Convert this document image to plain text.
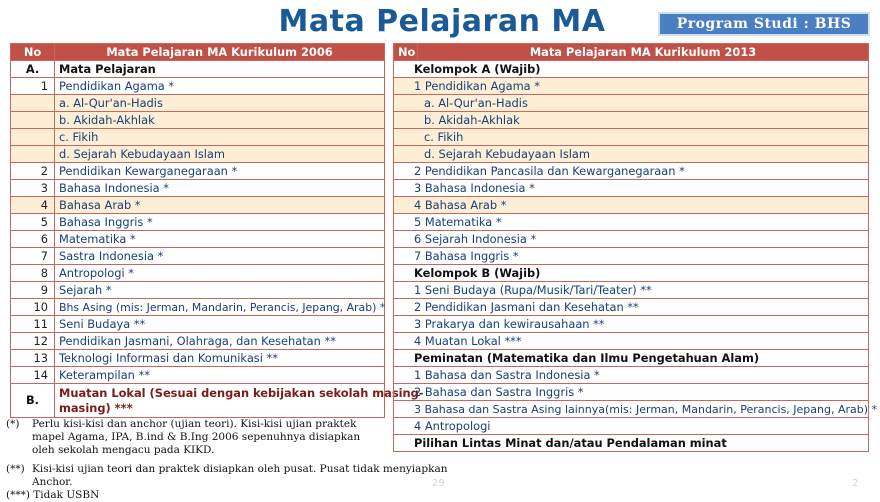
Mata Pelajaran MA	Program Studi : BHS
No	Mata Pelajaran MA Kurikulum 2006
A.	Mata Pelajaran
1	Pendidikan Agama *
	a. Al-Qur'an-Hadis
	b. Akidah-Akhlak
	c. Fikih
	d. Sejarah Kebudayaan Islam
2	Pendidikan Kewarganegaraan *
3	Bahasa Indonesia *
4	Bahasa Arab *
5	Bahasa Inggris *
6	Matematika *
7	Sastra Indonesia *
8	Antropologi *
9	Sejarah *
10	Bhs Asing (mis: Jerman, Mandarin, Perancis, Jepang, Arab) *
11	Seni Budaya **
12	Pendidikan Jasmani, Olahraga, dan Kesehatan **
13	Teknologi Informasi dan Komunikasi **
14	Keterampilan **
B.	Muatan Lokal (Sesuai dengan kebijakan sekolah masing-
masing) ***
No	Mata Pelajaran MA Kurikulum 2013
Kelompok A (Wajib)
1 Pendidikan Agama *
a. Al-Qur'an-Hadis
b. Akidah-Akhlak
c. Fikih
d. Sejarah Kebudayaan Islam
2 Pendidikan Pancasila dan Kewarganegaraan *
3 Bahasa Indonesia *
4 Bahasa Arab *
5 Matematika *
6 Sejarah Indonesia *
7 Bahasa Inggris *
Kelompok B (Wajib)
1 Seni Budaya (Rupa/Musik/Tari/Teater) **
2 Pendidikan Jasmani dan Kesehatan **
3 Prakarya dan kewirausahaan **
4 Muatan Lokal ***
Peminatan (Matematika dan Ilmu Pengetahuan Alam)
1 Bahasa dan Sastra Indonesia *
2 Bahasa dan Sastra Inggris *
3 Bahasa dan Sastra Asing lainnya(mis: Jerman, Mandarin, Perancis, Jepang, Arab) *
4 Antropologi
Pilihan Lintas Minat dan/atau Pendalaman minat
(*)	Perlu kisi-kisi dan anchor (ujian teori). Kisi-kisi ujian praktek mapel Agama, IPA, B.ind & B.Ing 2006 sepenuhnya disiapkan oleh sekolah mengacu pada KIKD.
(**) Kisi-kisi ujian teori dan praktek disiapkan oleh pusat. Pusat tidak menyiapkan Anchor.
(***) Tidak USBN
29	2
